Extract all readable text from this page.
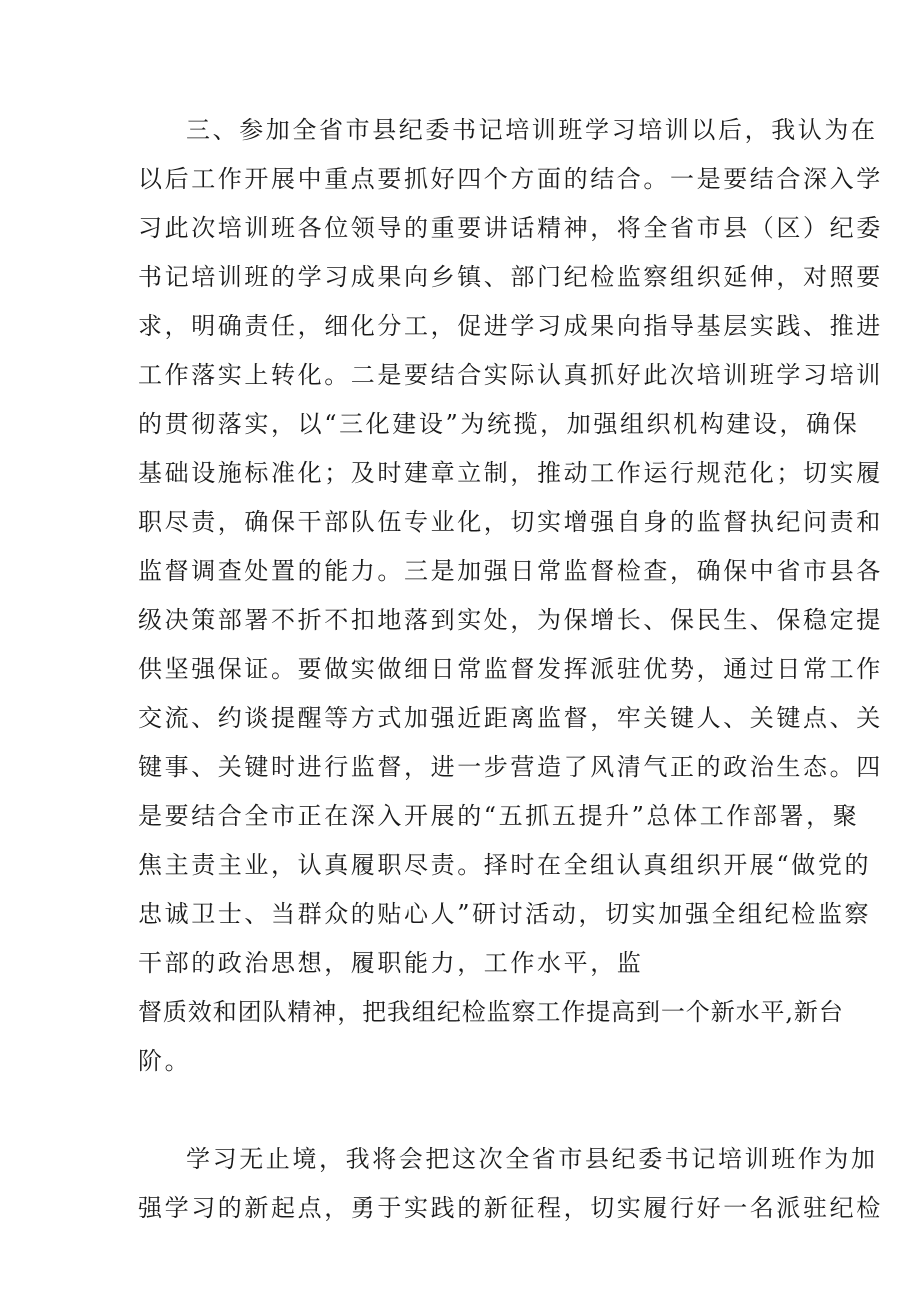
三、参加全省市县纪委书记培训班学习培训以后，我认为在
以后工作开展中重点要抓好四个方面的结合。一是要结合深入学
习此次培训班各位领导的重要讲话精神，将全省市县（区）纪委
书记培训班的学习成果向乡镇、部门纪检监察组织延伸，对照要
求，明确责任，细化分工，促进学习成果向指导基层实践、推进
工作落实上转化。二是要结合实际认真抓好此次培训班学习培训
的贯彻落实，以“三化建设”为统揽，加强组织机构建设，确保
基础设施标准化；及时建章立制，推动工作运行规范化；切实履
职尽责，确保干部队伍专业化，切实增强自身的监督执纪问责和
监督调查处置的能力。三是加强日常监督检查，确保中省市县各
级决策部署不折不扣地落到实处，为保增长、保民生、保稳定提
供坚强保证。要做实做细日常监督发挥派驻优势，通过日常工作
交流、约谈提醒等方式加强近距离监督，牢关键人、关键点、关
键事、关键时进行监督，进一步营造了风清气正的政治生态。四
是要结合全市正在深入开展的“五抓五提升”总体工作部署，聚
焦主责主业，认真履职尽责。择时在全组认真组织开展“做党的
忠诚卫士、当群众的贴心人”研讨活动，切实加强全组纪检监察
干部的政治思想，履职能力，工作水平，监
督质效和团队精神，把我组纪检监察工作提高到一个新水平,新台
阶。
学习无止境，我将会把这次全省市县纪委书记培训班作为加
强学习的新起点，勇于实践的新征程，切实履行好一名派驻纪检
